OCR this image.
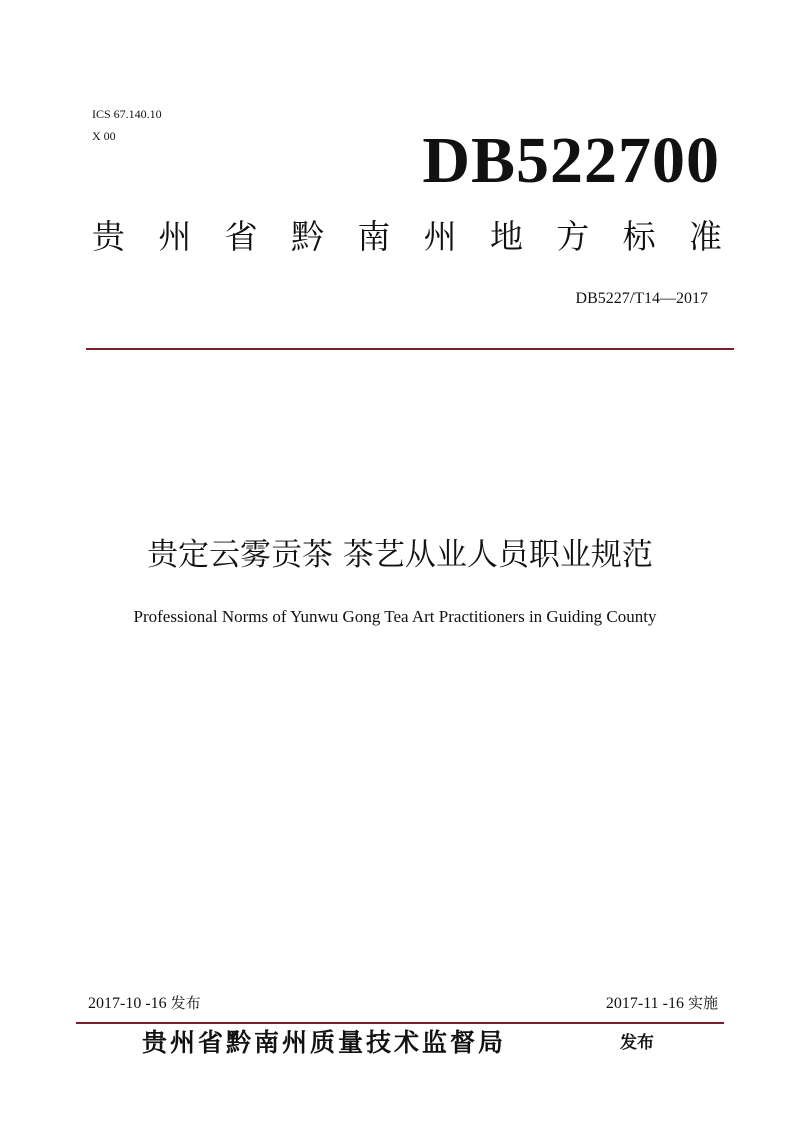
ICS 67.140.10
X 00	DB522700
贵 州 省 黔 南 州 地 方 标 准
DB5227/T14—2017
贵定云雾贡茶 茶艺从业人员职业规范
Professional Norms of Yunwu Gong Tea Art Practitioners in Guiding County
2017-10 -16 发布	2017-11 -16 实施
贵州省黔南州质量技术监督局	发布
